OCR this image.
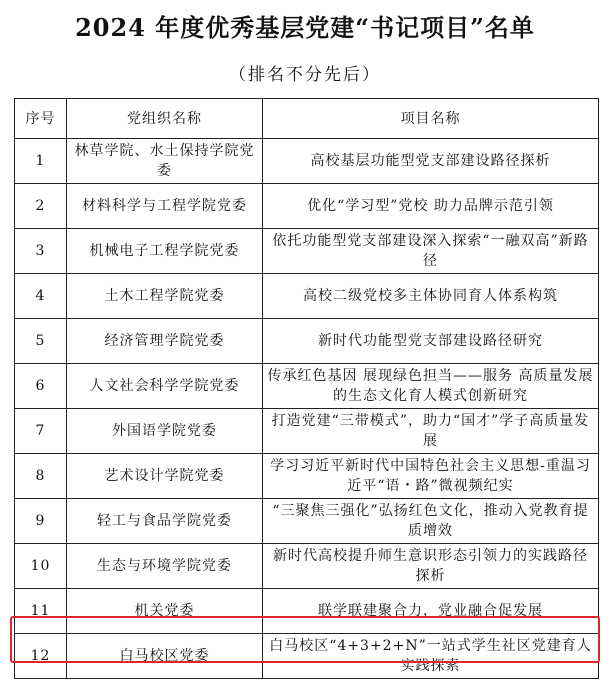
2024 年度优秀基层党建“书记项目”名单
（排名不分先后）
序号	党组织名称	项目名称
1	林草学院、水土保持学院党委	高校基层功能型党支部建设路径探析
2	材料科学与工程学院党委	优化“学习型”党校 助力品牌示范引领
3	机械电子工程学院党委	依托功能型党支部建设深入探索“一融双高”新路径
4	土木工程学院党委	高校二级党校多主体协同育人体系构筑
5	经济管理学院党委	新时代功能型党支部建设路径研究
6	人文社会科学学院党委	传承红色基因 展现绿色担当——服务 高质量发展的生态文化育人模式创新研究
7	外国语学院党委	打造党建“三带模式”，助力“国才”学子高质量发展
8	艺术设计学院党委	学习习近平新时代中国特色社会主义思想-重温习近平“语・路”微视频纪实
9	轻工与食品学院党委	“三聚焦三强化”弘扬红色文化，推动入党教育提质增效
10	生态与环境学院党委	新时代高校提升师生意识形态引领力的实践路径探析
11	机关党委	联学联建聚合力，党业融合促发展
12	白马校区党委	白马校区“4+3+2+N”一站式学生社区党建育人实践探索
